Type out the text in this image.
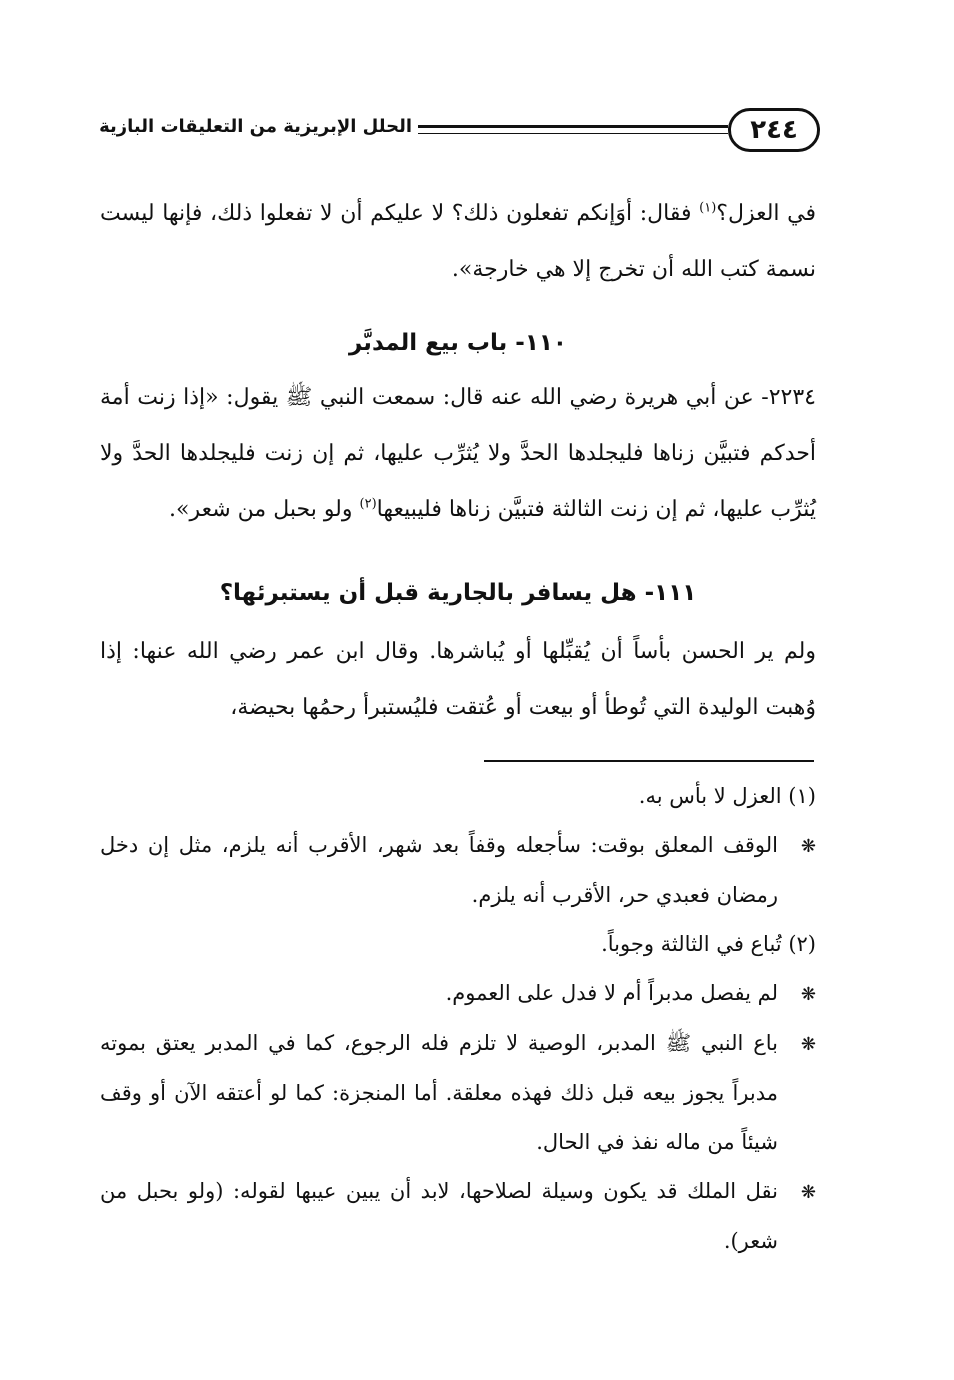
٢٤٤
الحلل الإبريزية من التعليقات البازية
في العزل؟$^{(١)}$ فقال: أوَإنكم تفعلون ذلك؟ لا عليكم أن لا تفعلوا ذلك، فإنها ليست نسمة كتب الله أن تخرج إلا هي خارجة».
١١٠- باب بيع المدبَّر
٢٢٣٤- عن أبي هريرة رضي الله عنه قال: سمعت النبي ﷺ يقول: «إذا زنت أمة أحدكم فتبيَّن زناها فليجلدها الحدَّ ولا يُثرِّب عليها، ثم إن زنت فليجلدها الحدَّ ولا يُثرِّب عليها، ثم إن زنت الثالثة فتبيَّن زناها فليبيعها$^{(٢)}$ ولو بحبل من شعر».
١١١- هل يسافر بالجارية قبل أن يستبرئها؟
ولم ير الحسن بأساً أن يُقبِّلها أو يُباشرها. وقال ابن عمر رضي الله عنها: إذا وُهبت الوليدة التي تُوطأ أو بيعت أو عُتقت فليُستبرأ رحمُها بحيضة،
(١) العزل لا بأس به.
❋الوقف المعلق بوقت: سأجعله وقفاً بعد شهر، الأقرب أنه يلزم، مثل إن دخل رمضان فعبدي حر، الأقرب أنه يلزم.
(٢) تُباع في الثالثة وجوباً.
❋لم يفصل مدبراً أم لا فدل على العموم.
❋باع النبي ﷺ المدبر، الوصية لا تلزم فله الرجوع، كما في المدبر يعتق بموته مدبراً يجوز بيعه قبل ذلك فهذه معلقة. أما المنجزة: كما لو أعتقه الآن أو وقف شيئاً من ماله نفذ في الحال.
❋نقل الملك قد يكون وسيلة لصلاحها، لابد أن يبين عيبها لقوله: (ولو بحبل من شعر).
